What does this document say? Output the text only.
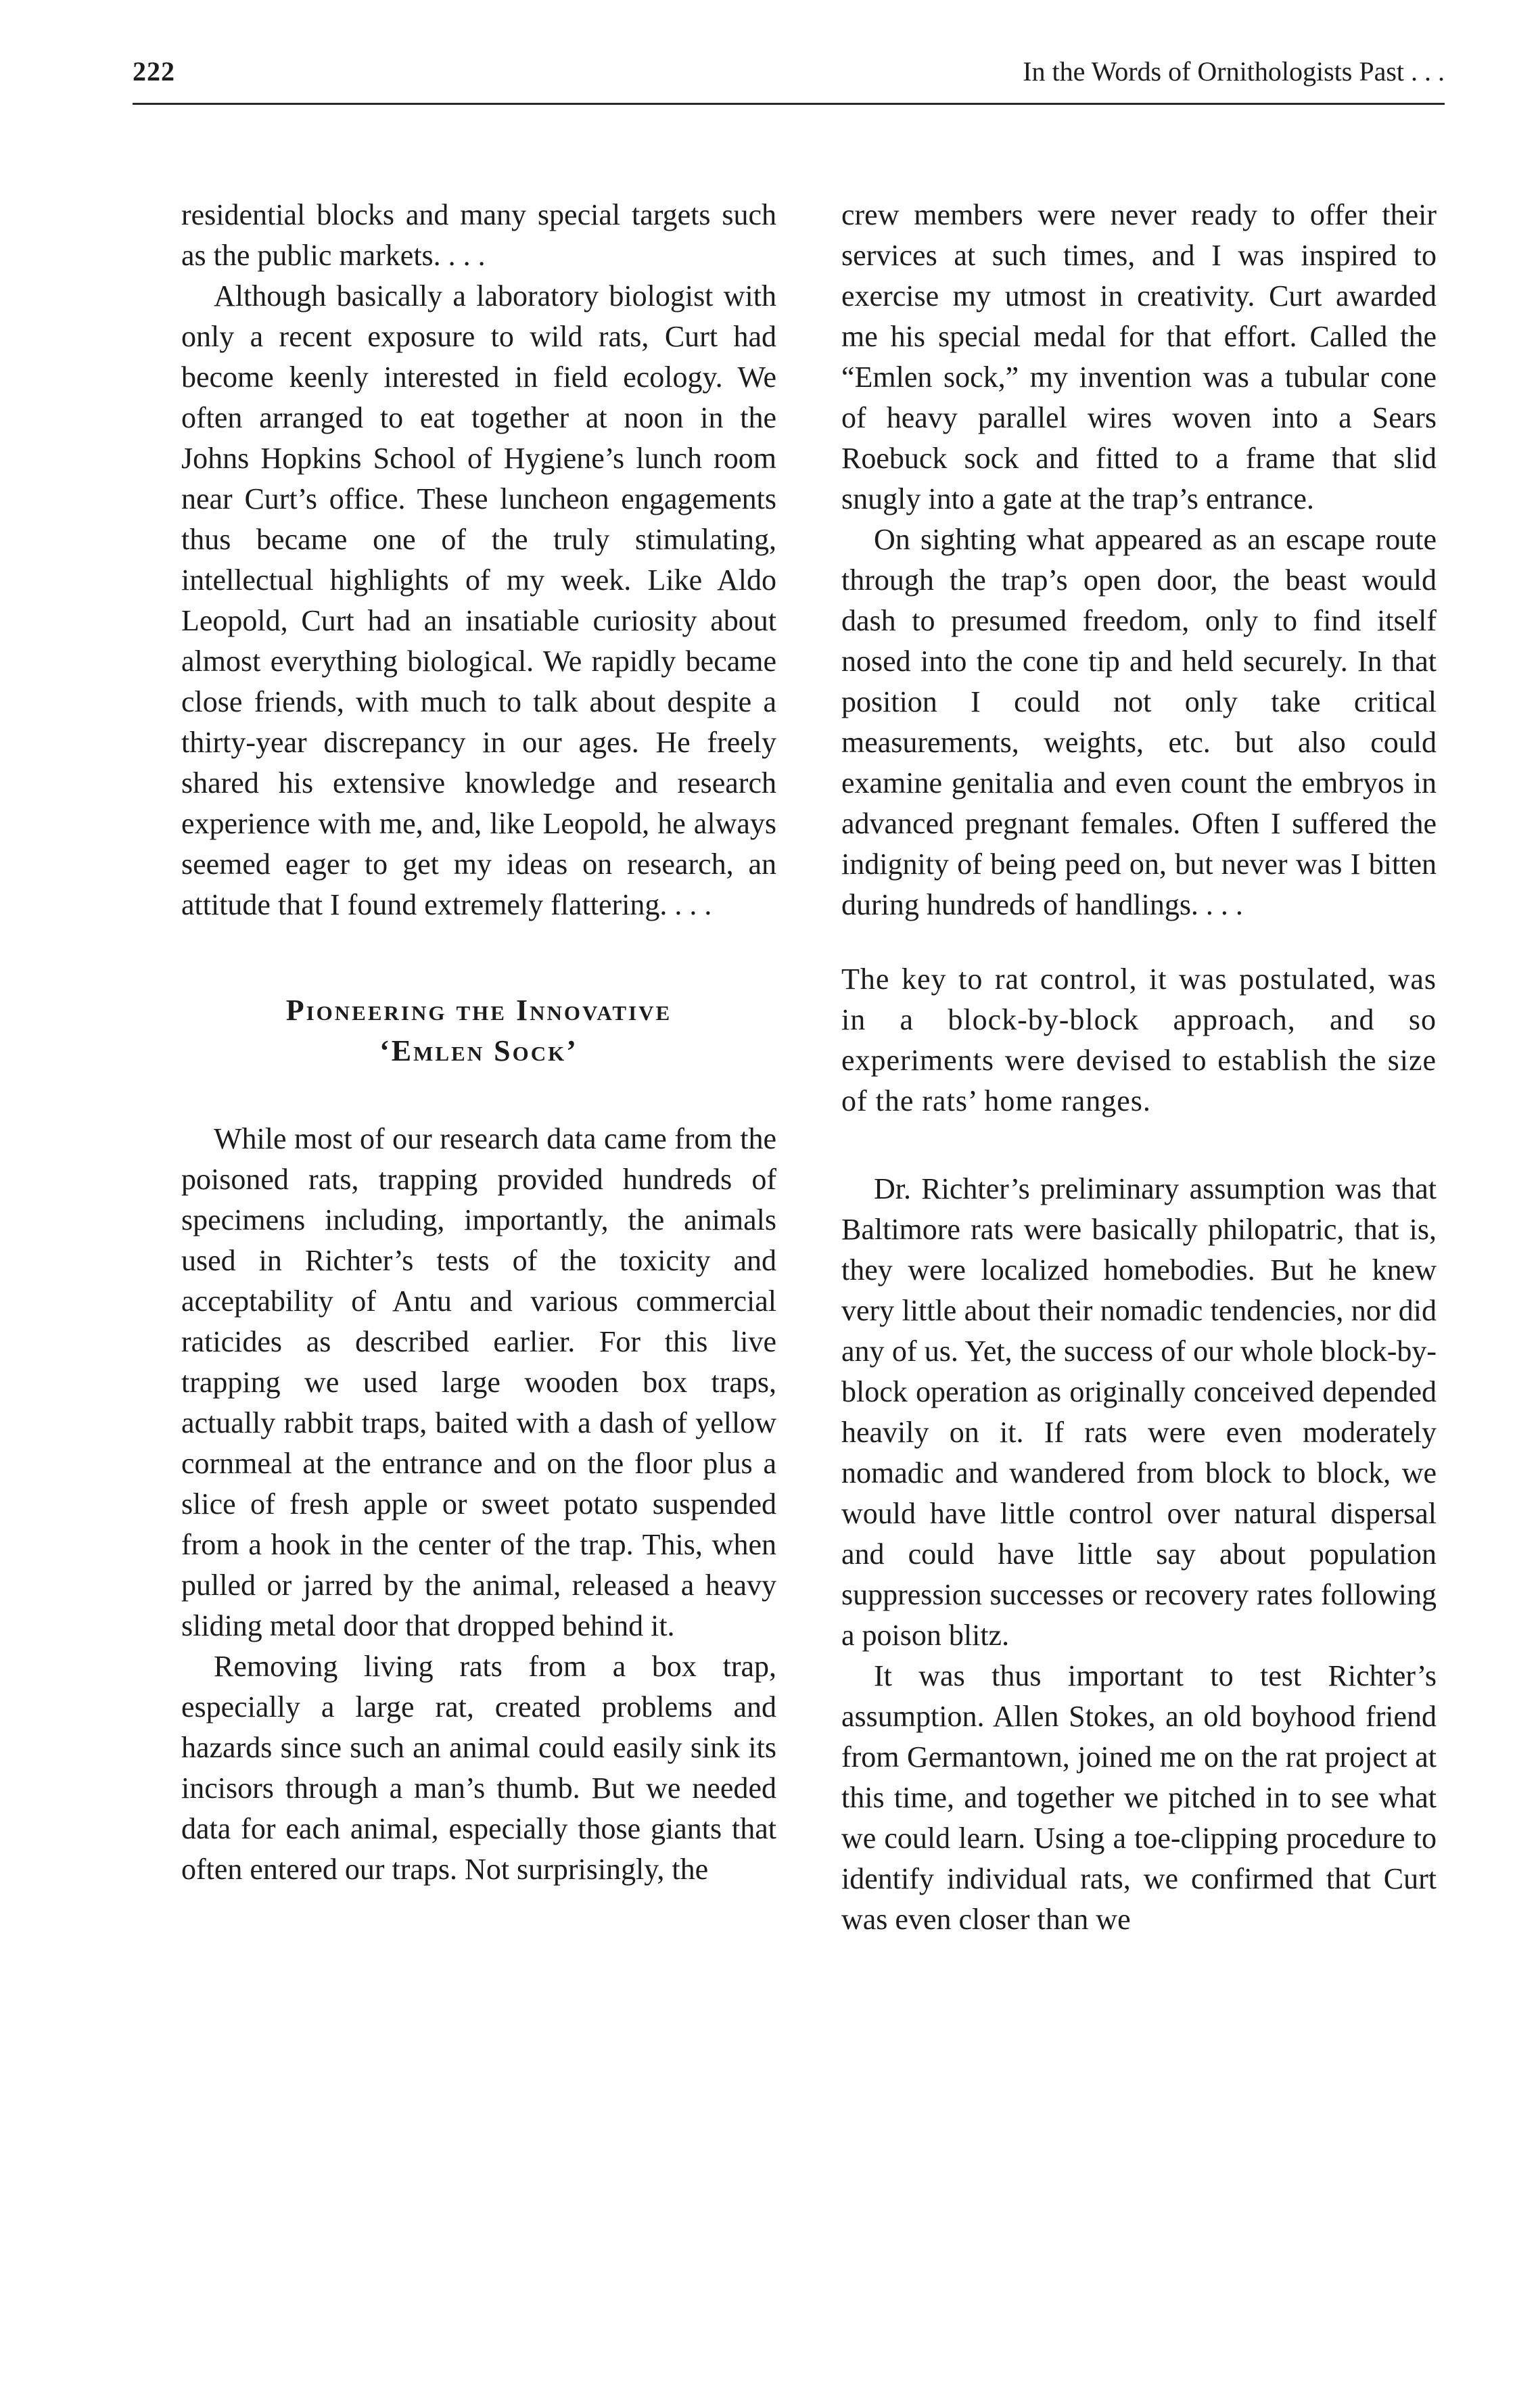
222	In the Words of Ornithologists Past . . .

residential blocks and many special targets such as the public markets. . . .

Although basically a laboratory biologist with only a recent exposure to wild rats, Curt had become keenly interested in field ecology. We often arranged to eat together at noon in the Johns Hopkins School of Hygiene’s lunch room near Curt’s office. These luncheon engagements thus became one of the truly stimulating, intellectual highlights of my week. Like Aldo Leopold, Curt had an insatiable curiosity about almost everything biological. We rapidly became close friends, with much to talk about despite a thirty-year discrepancy in our ages. He freely shared his extensive knowledge and research experience with me, and, like Leopold, he always seemed eager to get my ideas on research, an attitude that I found extremely flattering. . . .

Pioneering the Innovative
‘Emlen Sock’

While most of our research data came from the poisoned rats, trapping provided hundreds of specimens including, importantly, the animals used in Richter’s tests of the toxicity and acceptability of Antu and various commercial raticides as described earlier. For this live trapping we used large wooden box traps, actually rabbit traps, baited with a dash of yellow cornmeal at the entrance and on the floor plus a slice of fresh apple or sweet potato suspended from a hook in the center of the trap. This, when pulled or jarred by the animal, released a heavy sliding metal door that dropped behind it.

Removing living rats from a box trap, especially a large rat, created problems and hazards since such an animal could easily sink its incisors through a man’s thumb. But we needed data for each animal, especially those giants that often entered our traps. Not surprisingly, the

crew members were never ready to offer their services at such times, and I was inspired to exercise my utmost in creativity. Curt awarded me his special medal for that effort. Called the “Emlen sock,” my invention was a tubular cone of heavy parallel wires woven into a Sears Roebuck sock and fitted to a frame that slid snugly into a gate at the trap’s entrance.

On sighting what appeared as an escape route through the trap’s open door, the beast would dash to presumed freedom, only to find itself nosed into the cone tip and held securely. In that position I could not only take critical measurements, weights, etc. but also could examine genitalia and even count the embryos in advanced pregnant females. Often I suffered the indignity of being peed on, but never was I bitten during hundreds of handlings. . . .

The key to rat control, it was postulated, was in a block-by-block approach, and so experiments were devised to establish the size of the rats’ home ranges.

Dr. Richter’s preliminary assumption was that Baltimore rats were basically philopatric, that is, they were localized homebodies. But he knew very little about their nomadic tendencies, nor did any of us. Yet, the success of our whole block-by-block operation as originally conceived depended heavily on it. If rats were even moderately nomadic and wandered from block to block, we would have little control over natural dispersal and could have little say about population suppression successes or recovery rates following a poison blitz.

It was thus important to test Richter’s assumption. Allen Stokes, an old boyhood friend from Germantown, joined me on the rat project at this time, and together we pitched in to see what we could learn. Using a toe-clipping procedure to identify individual rats, we confirmed that Curt was even closer than we
